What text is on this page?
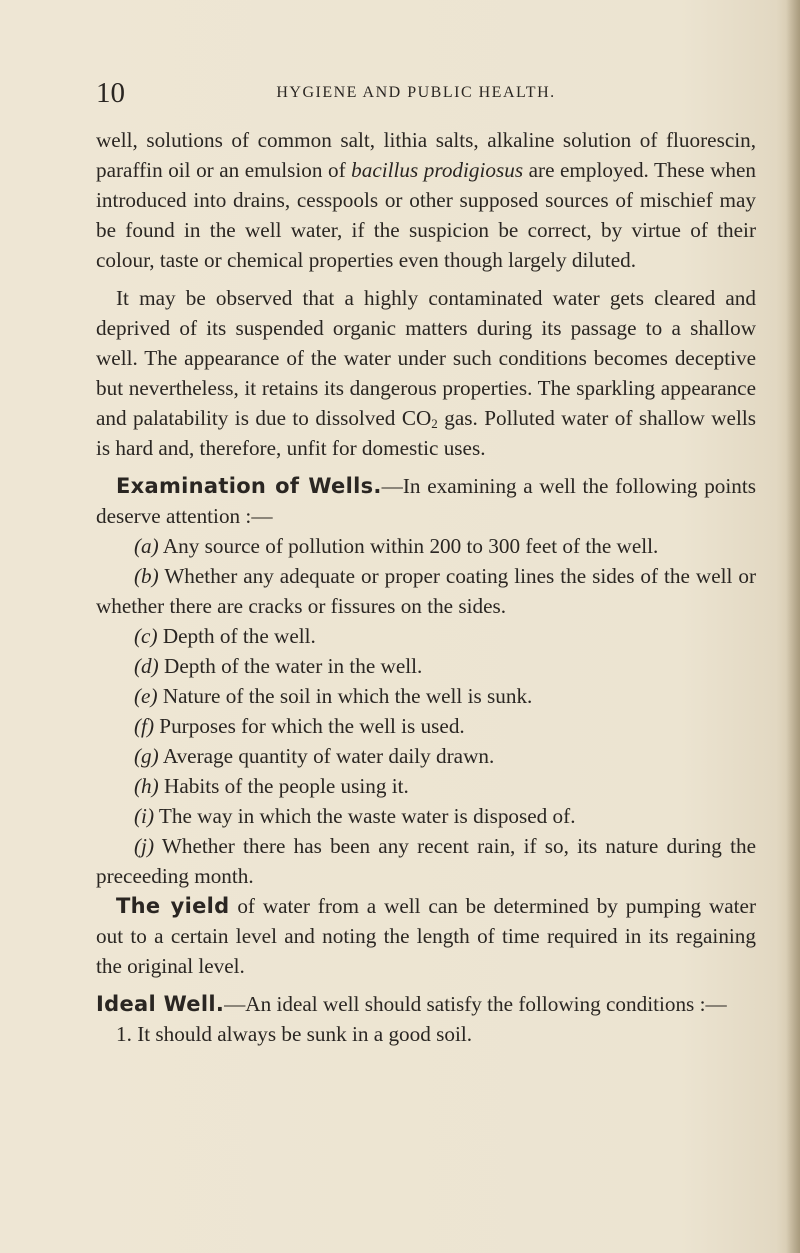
10	HYGIENE AND PUBLIC HEALTH.

well, solutions of common salt, lithia salts, alkaline solution of fluorescin, paraffin oil or an emulsion of bacillus prodigiosus are employed. These when introduced into drains, cesspools or other supposed sources of mischief may be found in the well water, if the suspicion be correct, by virtue of their colour, taste or chemical properties even though largely diluted.

It may be observed that a highly contaminated water gets cleared and deprived of its suspended organic matters during its passage to a shallow well. The appearance of the water under such conditions becomes deceptive but nevertheless, it retains its dangerous properties. The sparkling appearance and palatability is due to dissolved $CO_2$ gas. Polluted water of shallow wells is hard and, therefore, unfit for domestic uses.

Examination of Wells.—In examining a well the following points deserve attention :—

(a) Any source of pollution within 200 to 300 feet of the well.

(b) Whether any adequate or proper coating lines the sides of the well or whether there are cracks or fissures on the sides.

(c) Depth of the well.

(d) Depth of the water in the well.

(e) Nature of the soil in which the well is sunk.

(f) Purposes for which the well is used.

(g) Average quantity of water daily drawn.

(h) Habits of the people using it.

(i) The way in which the waste water is disposed of.

(j) Whether there has been any recent rain, if so, its nature during the preceeding month.

The yield of water from a well can be determined by pumping water out to a certain level and noting the length of time required in its regaining the original level.

Ideal Well.—An ideal well should satisfy the following conditions :—

1. It should always be sunk in a good soil.
